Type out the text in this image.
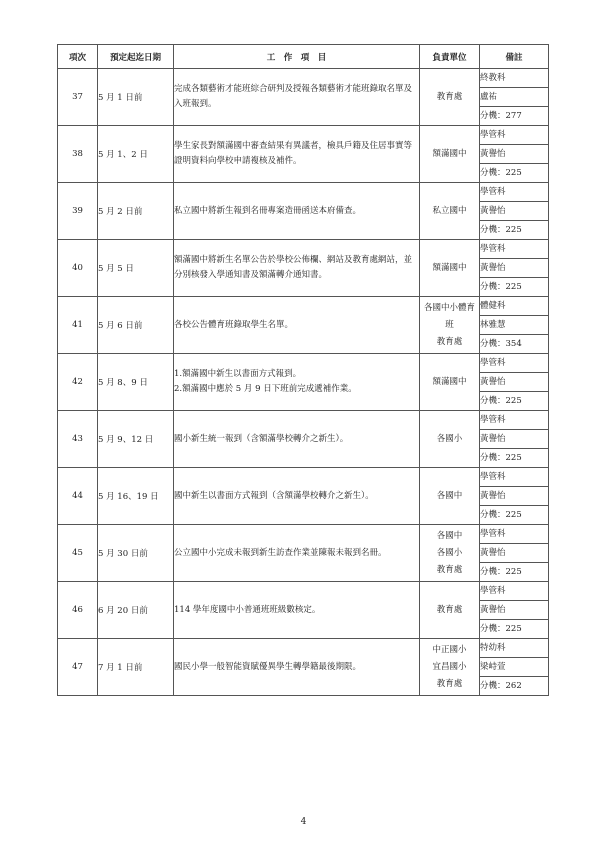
項次	預定起迄日期	工　作　項　目	負責單位	備註
37	5 月 1 日前	完成各類藝術才能班綜合研判及授報各類藝術才能班錄取名單及入班報到。	教育處	終教科
				盧祐
				分機：277
38	5 月 1、2 日	學生家長對額滿國中審查結果有異議者，檢具戶籍及住居事實等證明資料向學校申請複核及補件。	額滿國中	學管科
				黃譽怡
				分機：225
39	5 月 2 日前	私立國中將新生報到名冊專案造冊函送本府備查。	私立國中	學管科
				黃譽怡
				分機：225
40	5 月 5 日	額滿國中將新生名單公告於學校公佈欄、網站及教育處網站，並分別核發入學通知書及額滿轉介通知書。	額滿國中	學管科
				黃譽怡
				分機：225
41	5 月 6 日前	各校公告體育班錄取學生名單。	各國中小體育班
教育處	體健科
				林雅慧
				分機：354
42	5 月 8、9 日	1.額滿國中新生以書面方式報到。
2.額滿國中應於 5 月 9 日下班前完成遞補作業。	額滿國中	學管科
				黃譽怡
				分機：225
43	5 月 9、12 日	國小新生統一報到（含額滿學校轉介之新生）。	各國小	學管科
				黃譽怡
				分機：225
44	5 月 16、19 日	國中新生以書面方式報到（含額滿學校轉介之新生）。	各國中	學管科
				黃譽怡
				分機：225
45	5 月 30 日前	公立國中小完成未報到新生訪查作業並陳報未報到名冊。	各國中
各國小
教育處	學管科
				黃譽怡
				分機：225
46	6 月 20 日前	114 學年度國中小普通班班級數核定。	教育處	學管科
				黃譽怡
				分機：225
47	7 月 1 日前	國民小學一般智能資賦優異學生轉學籍最後期限。	中正國小
宜昌國小
教育處	特幼科
				梁峙萱
				分機：262
4
